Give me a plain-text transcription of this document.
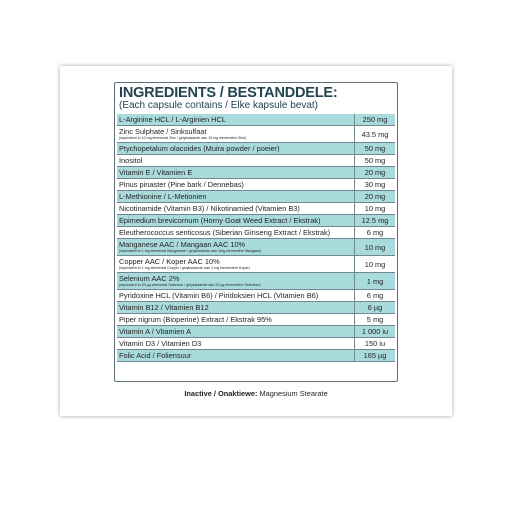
INGREDIENTS / BESTANDDELE:
(Each capsule contains / Elke kapsule bevat)
L-Arginine HCL / L-Arginien HCL	250 mg
Zinc Sulphate / Sinksulfaat
(equivalent to 10 mg elemental Zinc / gelykstaande aan 10 mg elementêre Sink)	43.5 mg
Ptychopetalum olacoides (Muira powder / poeier)	50 mg
Inositol	50 mg
Vitamin E / Vitamien E	20 mg
Pinus pinaster (Pine bark / Dennebas)	30 mg
L-Methionine / L-Metionien	20 mg
Nicotinamide (Vitamin B3) / Nikotinamied (Vitamien B3)	10 mg
Epimedium brevicornum (Horny Goat Weed Extract / Ekstrak)	12.5 mg
Eleutherococcus senticosus (Siberian Ginseng Extract / Ekstrak)	6 mg
Manganese AAC / Mangaan AAC 10%
(equivalent to 1 mg elemental Manganese / gelykstaande aan 1mg elementêre Mangaan)	10 mg
Copper AAC / Koper AAC 10%
(equivalent to 1 mg elemental Copper / gelykstaande aan 1 mg elementêre Koper)	10 mg
Selenium AAC 2%
(equivalent to 20 µg elemental Selenium / gelykstaande aan 20 µg elementêre Selenium)	1 mg
Pyridoxine HCL (Vitamin B6) / Piridoksien HCL (Vitamien B6)	6 mg
Vitamin B12 / Vitamien B12	6 µg
Piper nigrum (Bioperine) Extract / Ekstrak 95%	5 mg
Vitamin A / Vitamien A	1 000 iu
Vitamin D3 / Vitamien D3	150 iu
Folic Acid / Foliensuur	165 µg
Inactive / Onaktiewe: Magnesium Stearate
